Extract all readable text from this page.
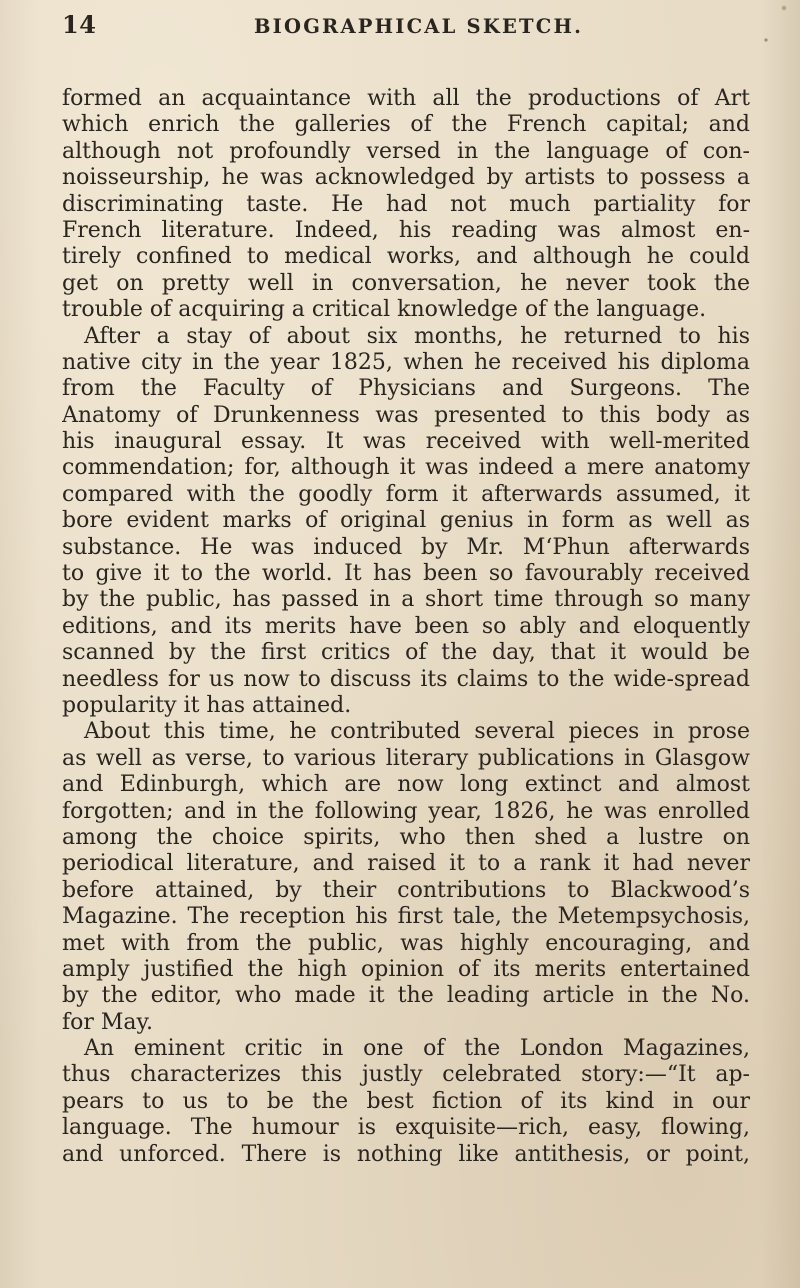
14	BIOGRAPHICAL SKETCH.
formed an acquaintance with all the productions of Art
which enrich the galleries of the French capital; and
although not profoundly versed in the language of con-
noisseurship, he was acknowledged by artists to possess a
discriminating taste. He had not much partiality for
French literature. Indeed, his reading was almost en-
tirely confined to medical works, and although he could
get on pretty well in conversation, he never took the
trouble of acquiring a critical knowledge of the language.
After a stay of about six months, he returned to his
native city in the year 1825, when he received his diploma
from the Faculty of Physicians and Surgeons. The
Anatomy of Drunkenness was presented to this body as
his inaugural essay. It was received with well-merited
commendation; for, although it was indeed a mere anatomy
compared with the goodly form it afterwards assumed, it
bore evident marks of original genius in form as well as
substance. He was induced by Mr. M‘Phun afterwards
to give it to the world. It has been so favourably received
by the public, has passed in a short time through so many
editions, and its merits have been so ably and eloquently
scanned by the first critics of the day, that it would be
needless for us now to discuss its claims to the wide-spread
popularity it has attained.
About this time, he contributed several pieces in prose
as well as verse, to various literary publications in Glasgow
and Edinburgh, which are now long extinct and almost
forgotten; and in the following year, 1826, he was enrolled
among the choice spirits, who then shed a lustre on
periodical literature, and raised it to a rank it had never
before attained, by their contributions to Blackwood’s
Magazine. The reception his first tale, the Metempsychosis,
met with from the public, was highly encouraging, and
amply justified the high opinion of its merits entertained
by the editor, who made it the leading article in the No.
for May.
An eminent critic in one of the London Magazines,
thus characterizes this justly celebrated story:—“It ap-
pears to us to be the best fiction of its kind in our
language. The humour is exquisite—rich, easy, flowing,
and unforced. There is nothing like antithesis, or point,
